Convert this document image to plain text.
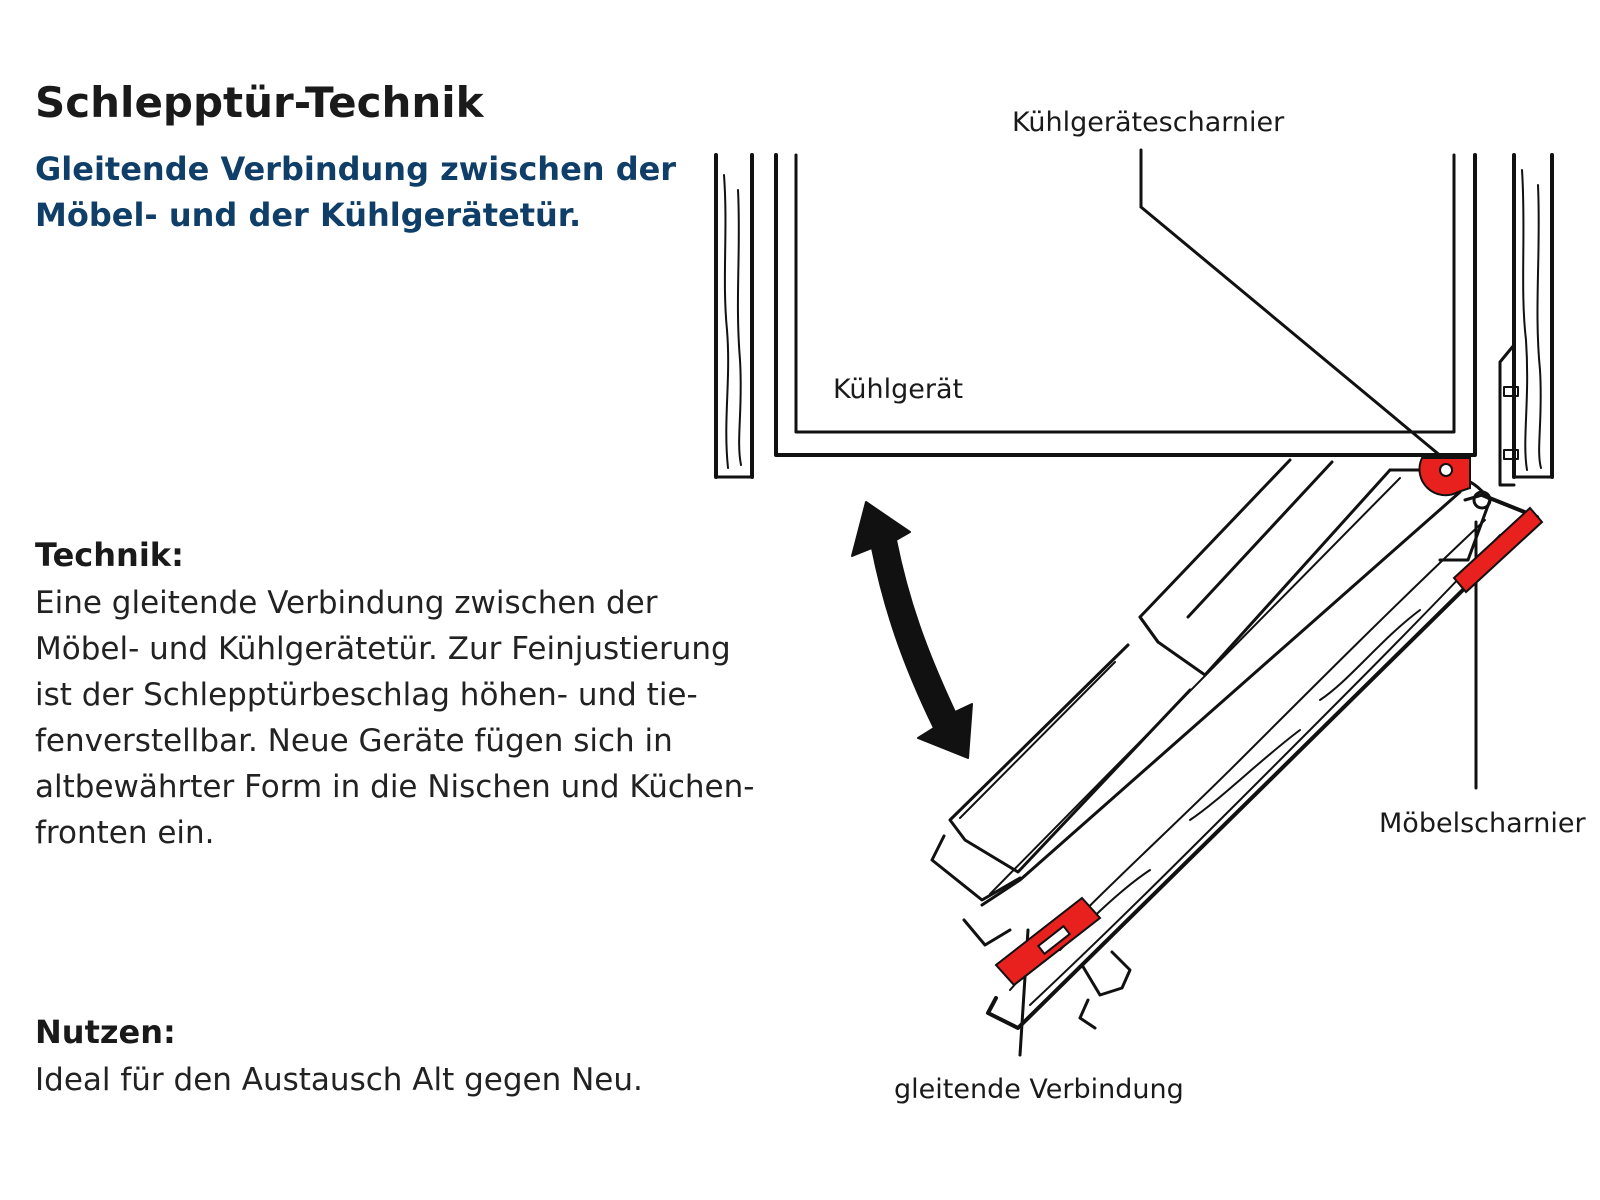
Schlepptür-Technik
Gleitende Verbindung zwischen der Möbel- und der Kühlgerätetür.
Technik:

Eine gleitende Verbindung zwischen der
Möbel- und Kühlgerätetür. Zur Feinjustierung
ist der Schlepptürbeschlag höhen- und tie-
fenverstellbar. Neue Geräte fügen sich in
altbewährter Form in die Nischen und Küchen-
fronten ein.

Nutzen:

Ideal für den Austausch Alt gegen Neu.

Kühlgerätescharnier
Kühlgerät
Möbelscharnier
gleitende Verbindung
